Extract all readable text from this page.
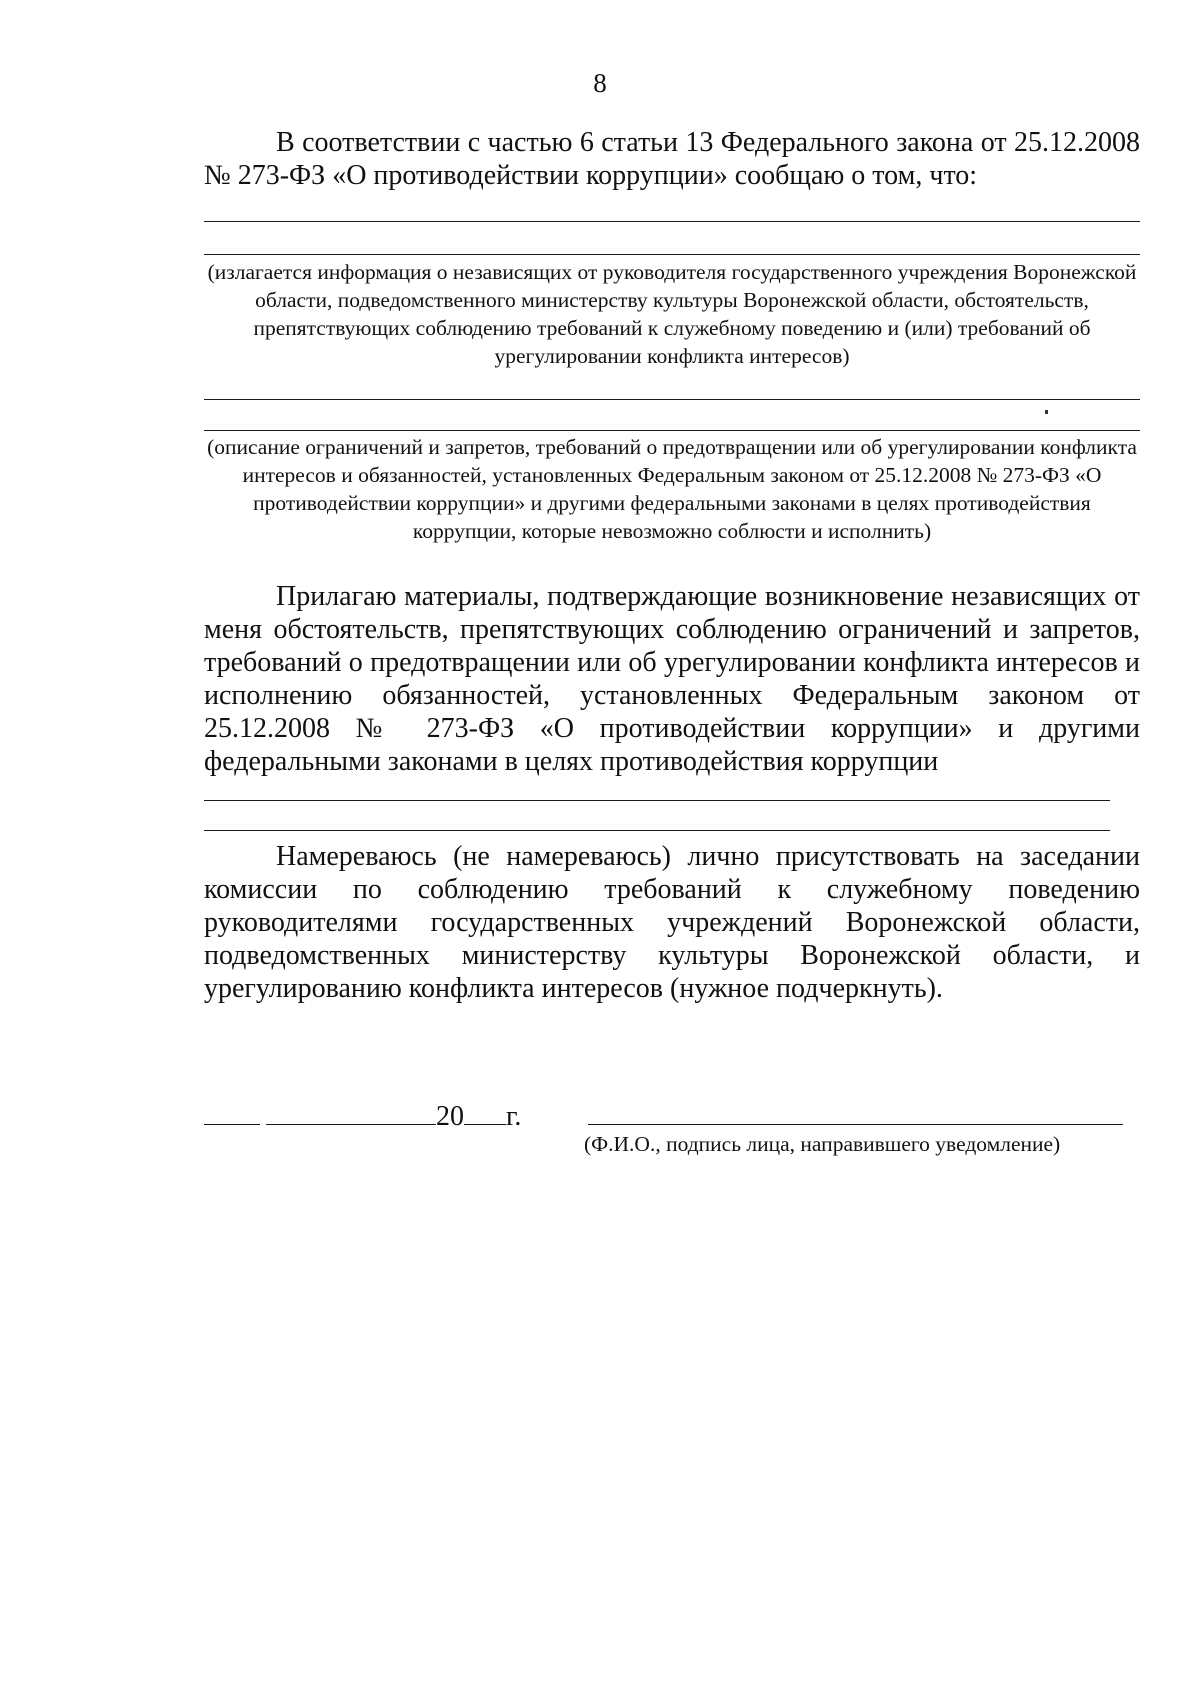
8
В соответствии с частью 6 статьи 13 Федерального закона от 25.12.2008 № 273-ФЗ «О противодействии коррупции» сообщаю о том, что:
(излагается информация о независящих от руководителя государственного учреждения Воронежской области, подведомственного министерству культуры Воронежской области, обстоятельств, препятствующих соблюдению требований к служебному поведению и (или) требований об урегулировании конфликта интересов)
(описание ограничений и запретов, требований о предотвращении или об урегулировании конфликта интересов и обязанностей, установленных Федеральным законом от 25.12.2008 № 273-ФЗ «О противодействии коррупции» и другими федеральными законами в целях противодействия коррупции, которые невозможно соблюсти и исполнить)
Прилагаю материалы, подтверждающие возникновение независящих от меня обстоятельств, препятствующих соблюдению ограничений и запретов, требований о предотвращении или об урегулировании конфликта интересов и исполнению обязанностей, установленных Федеральным законом от 25.12.2008 № 273-ФЗ «О противодействии коррупции» и другими федеральными законами в целях противодействия коррупции
Намереваюсь (не намереваюсь) лично присутствовать на заседании комиссии по соблюдению требований к служебному поведению руководителями государственных учреждений Воронежской области, подведомственных министерству культуры Воронежской области, и урегулированию конфликта интересов (нужное подчеркнуть).
20 г.
(Ф.И.О., подпись лица, направившего уведомление)
